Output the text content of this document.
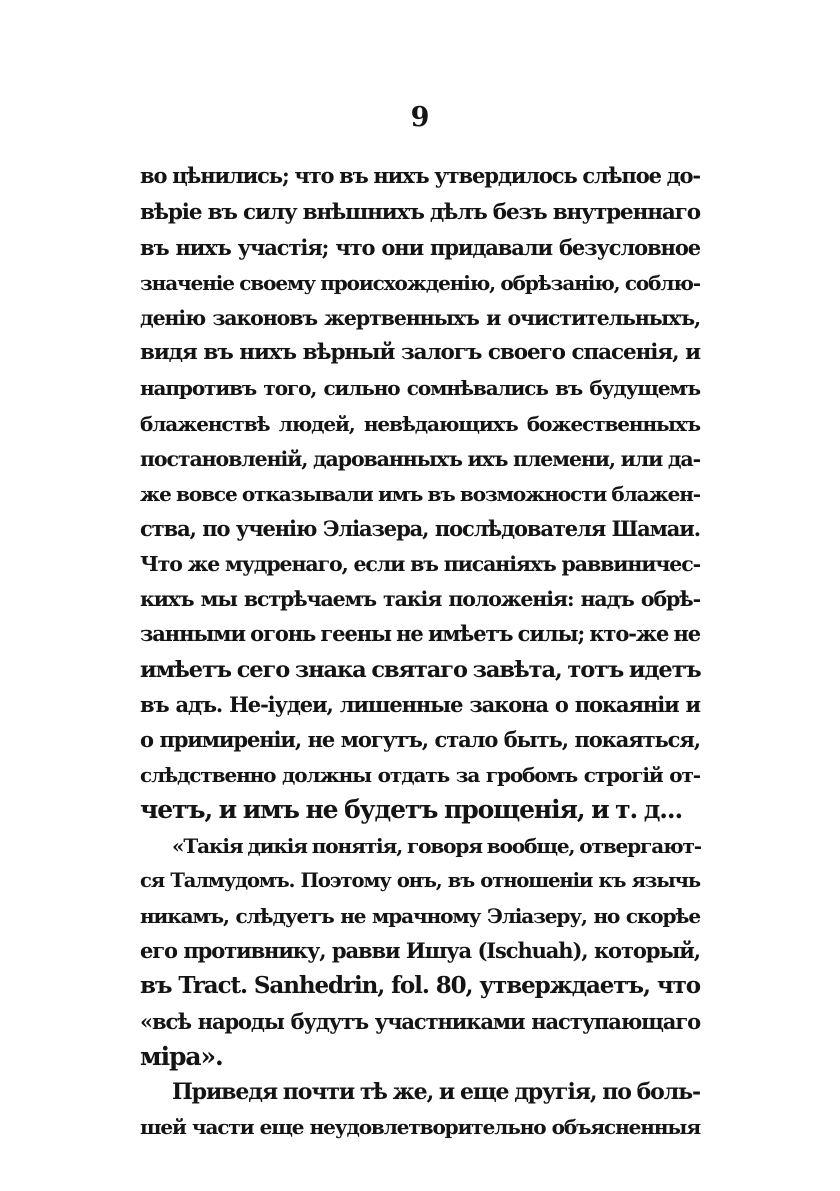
9
во цѣнились; что въ нихъ утвердилось слѣпое до-
вѣріе въ силу внѣшнихъ дѣлъ безъ внутреннаго
въ нихъ участія; что они придавали безусловное
значеніе своему происхожденію, обрѣзанію, соблю-
денію законовъ жертвенныхъ и очистительныхъ,
видя въ нихъ вѣрный залогъ своего спасенія, и
напротивъ того, сильно сомнѣвались въ будущемъ
блаженствѣ людей, невѣдающихъ божественныхъ
постановленій, дарованныхъ ихъ племени, или да-
же вовсе отказывали имъ въ возможности блажен-
ства, по ученію Эліазера, послѣдователя Шамаи.
Что же мудренаго, если въ писаніяхъ раввиничес-
кихъ мы встрѣчаемъ такія положенія: надъ обрѣ-
занными огонь геены не имѣетъ силы; кто-же не
имѣетъ сего знака святаго завѣта, тотъ идетъ
въ адъ. Не-іудеи, лишенные закона о покаяніи и
о примиреніи, не могутъ, стало быть, покаяться,
слѣдственно должны отдать за гробомъ строгій от-
четъ, и имъ не будетъ прощенія, и т. д...
«Такія дикія понятія, говоря вообще, отвергают-
ся Талмудомъ. Поэтому онъ, въ отношеніи къ язычь
никамъ, слѣдуетъ не мрачному Эліазеру, но скорѣе
его противнику, равви Ишуа (Ischuah), который,
въ Tract. Sanhedrin, fol. 80, утверждаетъ, что
«всѣ народы будутъ участниками наступающаго
міра».
Приведя почти тѣ же, и еще другія, по боль-
шей части еще неудовлетворительно объясненныя
